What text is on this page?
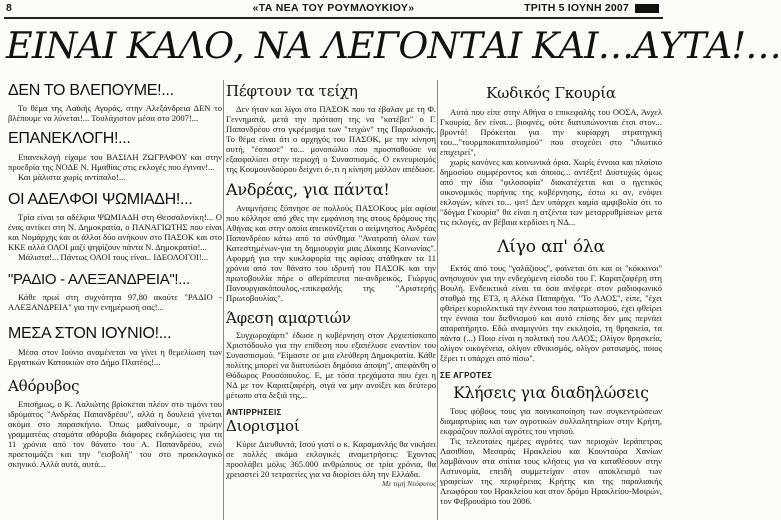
8	«ΤΑ ΝΕΑ ΤΟΥ ΡΟΥΜΛΟΥΚΙΟΥ»	ΤΡΙΤΗ 5 ΙΟΥΝΗ 2007
ΕΙΝΑΙ ΚΑΛΟ, ΝΑ ΛΕΓΟΝΤΑΙ ΚΑΙ…ΑΥΤΑ!…
ΔΕΝ ΤΟ ΒΛΕΠΟΥΜΕ!...

Το θέμα της Λαϊκής Αγοράς, στην Αλεξάνδρεια ΔΕΝ το βλέπουμε να λύνεται!... Τουλάχιστον μέσα στο 2007!...

ΕΠΑΝΕΚΛΟΓΗ!...

Επανεκλογή είχαμε του ΒΑΣΙΛΗ ΖΩΓΡΑΦΟΥ και στην προεδρία της ΝΟΔΕ Ν. Ημαθίας στις εκλογές που έγιναν!...

Και μάλιστα χωρίς αντίπαλο!...

ΟΙ ΑΔΕΛΦΟΙ ΨΩΜΙΑΔΗ!...

Τρία είναι τα αδέλφια ΨΩΜΙΑΔΗ στη Θεσσαλονίκη!... Ο ένας αντίκει στη Ν. Δημοκρατία, ο ΠΑΝΑΓΙΩΤΗΣ που είναι και Νομάρχης και οι άλλοι δύο ανήκουν στο ΠΑΣΟΚ και στο ΚΚΕ αλλά ΟΛΟΙ μαζί ψηφίζουν πάντα Ν. Δημοκρατία!...

Μάλιστα!... Πάντως ΟΛΟΙ τους είναι.. ΙΔΕΟΛΟΓΟΙ!...

"ΡΑΔΙΟ - ΑΛΕΞΑΝΔΡΕΙΑ"!...

Κάθε πρωί στη συχνότητα 97,80 ακούτε "ΡΑΔΙΟ - ΑΛΕΞΑΝΔΡΕΙΑ" για την ενημέρωσή σας!...

ΜΕΣΑ ΣΤΟΝ ΙΟΥΝΙΟ!...

Μέσα στον Ιούνιο αναμένεται να γίνει η θεμελίωση των Εργατικών Κατοικιών στο Δήμο Πλατέος!...

Αθόρυβος

Επισήμως, ο Κ. Λαλιώτης βρίσκεται πλέον στο τιμόνι του ιδρύματος "Ανδρέας Παπανδρέου", αλλά η δουλειά γίνεται ακόμα στο παρασκήνιο. Όπως μαθαίνουμε, ο πρώην γραμματέας σταμάτα αθόρυβα διάφορες εκδηλώσεις για τα 11 χρόνια από τον θάνατο του Α. Παπανδρέου, ενώ προετοιμάζει και την "εισβολή" του στο προεκλογικό σκηνικό. Αλλά αυτά, αυτά...

Πέφτουν τα τείχη

Δεν ήταν και λίγοι στο ΠΑΣΟΚ που τα έβαλαν με τη Φ. Γεννηματά, μετά την πρόταση της να "κατέβει" ο Γ. Παπανδρέου στο γκρέμισμα των "τειχών" της Παραλιακής. Το θέμα είναι ότι ο αρχηγός του ΠΑΣΟΚ, με την κίνηση αυτή, "έσπασε" το... μονοπώλιο που προσπαθούσε να εξασφαλίσει στην περιοχή ο Συνασπισμός. Ο εκνευρισμός της Κουμουνδούρου δείχνει ό-,τι η κίνηση μάλλον απέδωσε.

Ανδρέας, για πάντα!

Αναμνήσεις ξύπνησε σε πολλούς ΠΑΣΟΚους μία αφίσα που κόλλησε από χθες την εμφάνιση της στους δρόμους της Αθήνας και στην οποία απεικονίζεται ο αείμνηστος Ανδρέας Παπανδρέου κάτω από το σύνθημα "Ανατροπή όλων των Κατεστημένων-για τη δημιουργία μιας Δίκαιης Κοινωνίας". Αφορμή για την κυκλοφορία της αφίσας στάθηκαν τα 11 χρόνια από τον θάνατο του ιδρυτή του ΠΑΣΟΚ και την πρωτοβουλία πήρε ο αθεράπευτα πα-ανδρεικός, Γιώργος Πανουργιακόπουλος,-επικεφαλής της "Αριστερής Πρωτοβουλίας".

Άφεση αμαρτιών

Συγχωροχάρτι" έδωσε η κυβέρνηση στον Αρχιεπίσκοπο Χριστόδουλο για την επίθεση που εξαπέλυσε εναντίον του Συνασπισμού. "Είμαστε σε μια ελεύθερη Δημοκρατία. Κάθε πολίτης μπορεί να διατυπώσει δημόσια άποψη", απεφάνθη ο Θόδωρος Ρουσόπουλος. Ε, με τόσα τρεχάματα που έχει η ΝΔ με τον Καρατζαφέρη, σιγά να μην ανοίξει και δεύτερο μέτωπο στα δεξιά της...

ΑΝΤΙΡΡΗΣΕΙΣ
Διορισμοί

Κύριε Διευθυντά, Ισού γιατί ο κ. Καραμανλής θα νικήσει σε πολλές ακόμα εκλογικές αναμετρήσεις: Έχοντας προσλάβει μόλις 365.000 ανθρώπους σε τρία χρόνια, θα χρειαστεί 20 τετραετίες για να διορίσει όλη την Ελλάδα.

Με τιμή Νεόφυτος
Κωδικός Γκουρία

Αυτά που είπε στην Αθήνα ο επικεφαλής του ΟΟΣΑ, Άνχελ Γκουρία, δεν είναι... βιοφνές, ούτε διατυπώνονται έτσι στον... βροντό! Πρόκειται για την κυρίαρχη στρατηγική του..."τουρμποκαπιταλισμού" που στοχεύει στο "ιδιωτικό επιχειρεί",

χωρίς κανόνες και κοινωνικά όρια. Χωρίς έννοια και πλαίσιο δημοσίου συμφέροντος και όποιος... αντέξει! Δυστυχώς όμως από την ίδια "φιλοσοφία" διακατέχεται και ο ηγετικός οικονομικός πυρήνας της κυβέρνησης, έστω κι αν, ενόψει εκλογών, κάνει το... ψιτ! Δεν υπάρχει καμία αμφιβολία ότι το "δόγμα Γκουρία" θα είναι η ατζέντα των μεταρρυθμίσεων μετά τις εκλογές, αν βέβαια κερδίσει η ΝΔ...

Λίγο απ' όλα

Εκτός από τους "γαλάζιους", φαίνεται ότι και οι "κόκκινοι" ανησυχούν για την ενδεχόμενη είσοδο του Γ. Καρατζαφέρη στη Βουλή. Ενδεικτικά είναι τα όσα ανέφερε στον ραδιοφωνικό σταθμό της ΕΤ3, η Αλέκα Παπαρήγα. "Το ΛΑΟΣ", είπε, "έχει φθείρει κυριολεκτικά την έννοια του πατριωτισμού, έχει φθείρει την έννοια του διεθνισμού και αυτό επίσης δεν μας περνάει απαρατήρητο. Εδώ αναμιγνύει την εκκλησία, τη θρησκεία, τα πάντα (...) Ποιο είναι η πολιτική του ΛΑΟΣ; Ολίγον θρησκεία, ολίγον οικογένεια, ολίγον εθνικισμός, ολίγον ρατσισμός, ποιος ξέρει τι υπάρχει από πίσω".

ΣΕ ΑΓΡΟΤΕΣ
Κλήσεις για διαδηλώσεις

Τους φόβους τους για ποινικοποίηση των συγκεντρώσεων διαμαρτυρίας και των αγροτικών συλλαλητηρίων στην Κρήτη, εκφράζουν πολλοί αγρότες του νησιού.

Τις τελευταίες ημέρες αγρότες των περιοχών Ιεράπετρας Λασιθίου, Μεσαράς Ηρακλείου και Κουντούρα Χανίων λαμβάνουν στα σπίτια τους κλήσεις για να καταθέσουν στην Αστυνομία, επειδή συμμετείχαν στον αποκλεισμό των γραφείων της περιφέρειας Κρήτης και της παραλιακής Λεωφόρου του Ηρακλείου και στον δρόμο Ηρακλείου-Μοιρών, τον Φεβρουάριο του 2006.
